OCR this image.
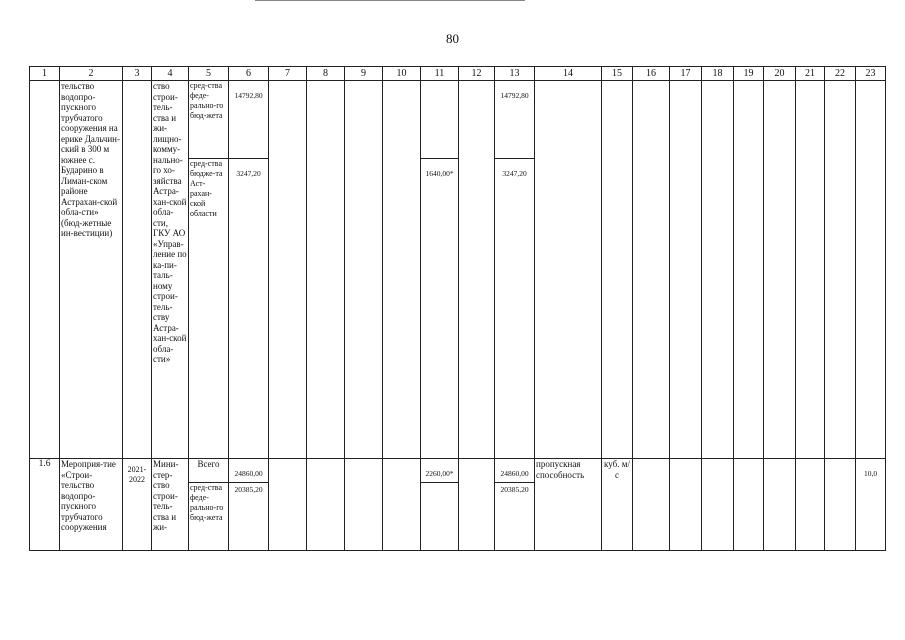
80
1	2	3	4	5	6	7	8	9	10	11	12	13	14	15	16	17	18	19	20	21	22	23
	тельство водопро-пускного трубчатого сооружения на ерике Дальчин-ский в 300 м южнее с. Бударино в Лиман-ском районе Астрахан-ской обла-сти» (бюд-жетные ин-вестиции)		ство строи-тель-ства и жи-лищно-комму-нально-го хо-зяйства Астра-хан-ской обла-сти, ГКУ АО «Управ-ление по ка-пи-таль-ному строи-тель-ству Астра-хан-ской обла-сти»	сред-ства феде-рально-го бюд-жета	14792,80							14792,80										
				сред-ства бюдже-та Аст-рахан-ской области	3247,20					1640,00*		3247,20										
1.6	Мероприя-тие «Строи-тельство водопро-пускного трубчатого сооружения	2021-2022	Мини-стер-ство строи-тель-ства и жи-	Всего	24860,00					2260,00*		24860,00	пропускная способность	куб. м/с								10,0
				сред-ства феде-рально-го бюд-жета	20385,20							20385,20										
